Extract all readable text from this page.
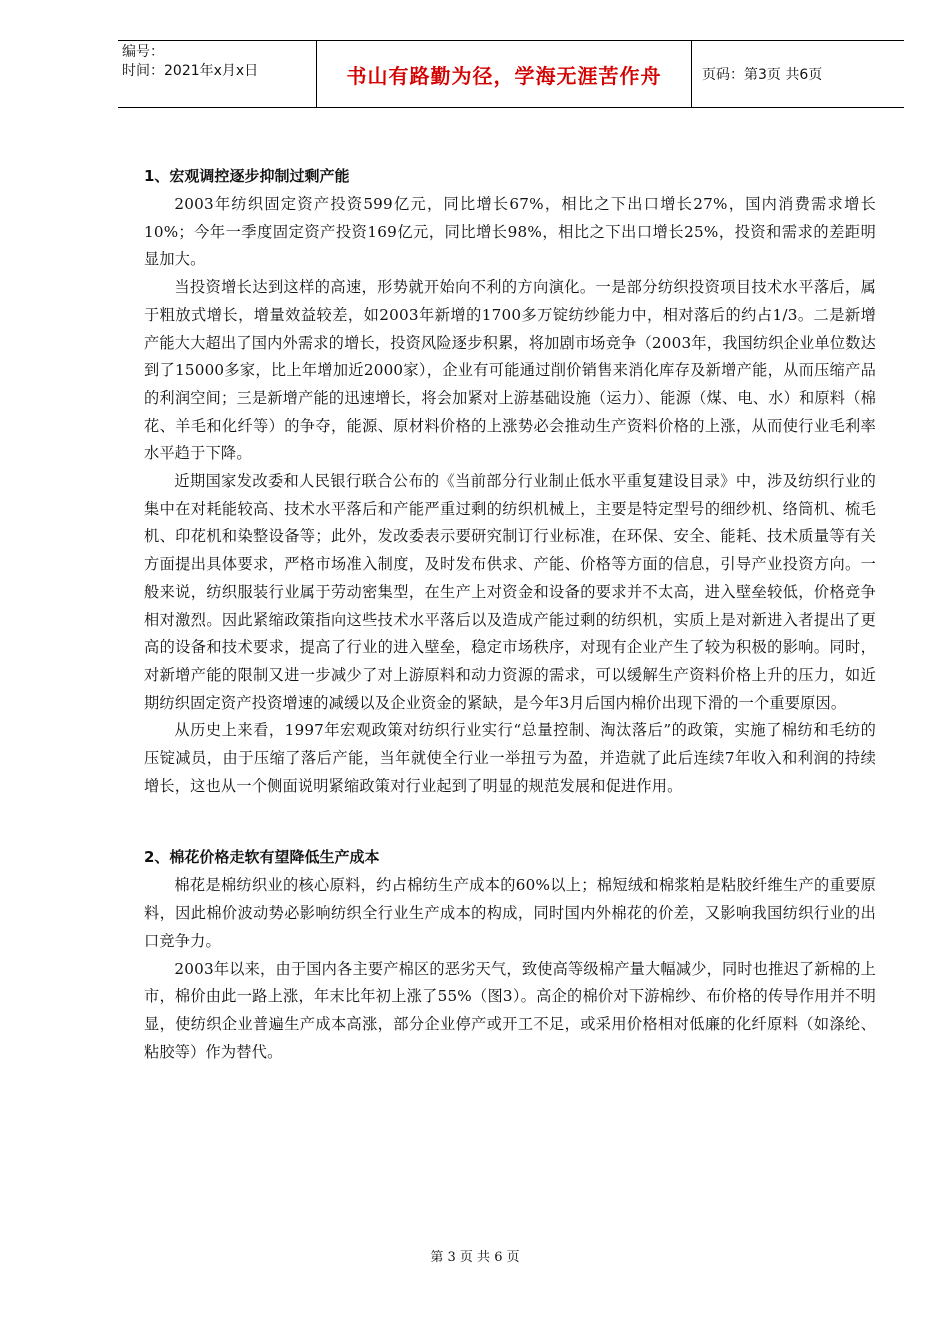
编号：
时间：2021年x月x日	书山有路勤为径，学海无涯苦作舟	页码：第3页 共6页
1、宏观调控逐步抑制过剩产能

2003年纺织固定资产投资599亿元，同比增长67%，相比之下出口增长27%，国内消费需求增长10%；今年一季度固定资产投资169亿元，同比增长98%，相比之下出口增长25%，投资和需求的差距明显加大。

当投资增长达到这样的高速，形势就开始向不利的方向演化。一是部分纺织投资项目技术水平落后，属于粗放式增长，增量效益较差，如2003年新增的1700多万锭纺纱能力中，相对落后的约占1/3。二是新增产能大大超出了国内外需求的增长，投资风险逐步积累，将加剧市场竞争（2003年，我国纺织企业单位数达到了15000多家，比上年增加近2000家），企业有可能通过削价销售来消化库存及新增产能，从而压缩产品的利润空间；三是新增产能的迅速增长，将会加紧对上游基础设施（运力）、能源（煤、电、水）和原料（棉花、羊毛和化纤等）的争夺，能源、原材料价格的上涨势必会推动生产资料价格的上涨，从而使行业毛利率水平趋于下降。

近期国家发改委和人民银行联合公布的《当前部分行业制止低水平重复建设目录》中，涉及纺织行业的集中在对耗能较高、技术水平落后和产能严重过剩的纺织机械上，主要是特定型号的细纱机、络筒机、梳毛机、印花机和染整设备等；此外，发改委表示要研究制订行业标准，在环保、安全、能耗、技术质量等有关方面提出具体要求，严格市场准入制度，及时发布供求、产能、价格等方面的信息，引导产业投资方向。一般来说，纺织服装行业属于劳动密集型，在生产上对资金和设备的要求并不太高，进入壁垒较低，价格竞争相对激烈。因此紧缩政策指向这些技术水平落后以及造成产能过剩的纺织机，实质上是对新进入者提出了更高的设备和技术要求，提高了行业的进入壁垒，稳定市场秩序，对现有企业产生了较为积极的影响。同时，对新增产能的限制又进一步减少了对上游原料和动力资源的需求，可以缓解生产资料价格上升的压力，如近期纺织固定资产投资增速的减缓以及企业资金的紧缺，是今年3月后国内棉价出现下滑的一个重要原因。

从历史上来看，1997年宏观政策对纺织行业实行“总量控制、淘汰落后”的政策，实施了棉纺和毛纺的压锭减员，由于压缩了落后产能，当年就使全行业一举扭亏为盈，并造就了此后连续7年收入和利润的持续增长，这也从一个侧面说明紧缩政策对行业起到了明显的规范发展和促进作用。

2、棉花价格走软有望降低生产成本

棉花是棉纺织业的核心原料，约占棉纺生产成本的60%以上；棉短绒和棉浆粕是粘胶纤维生产的重要原料，因此棉价波动势必影响纺织全行业生产成本的构成，同时国内外棉花的价差，又影响我国纺织行业的出口竞争力。

2003年以来，由于国内各主要产棉区的恶劣天气，致使高等级棉产量大幅减少，同时也推迟了新棉的上市，棉价由此一路上涨，年末比年初上涨了55%（图3）。高企的棉价对下游棉纱、布价格的传导作用并不明显，使纺织企业普遍生产成本高涨，部分企业停产或开工不足，或采用价格相对低廉的化纤原料（如涤纶、粘胶等）作为替代。

第 3 页 共 6 页
